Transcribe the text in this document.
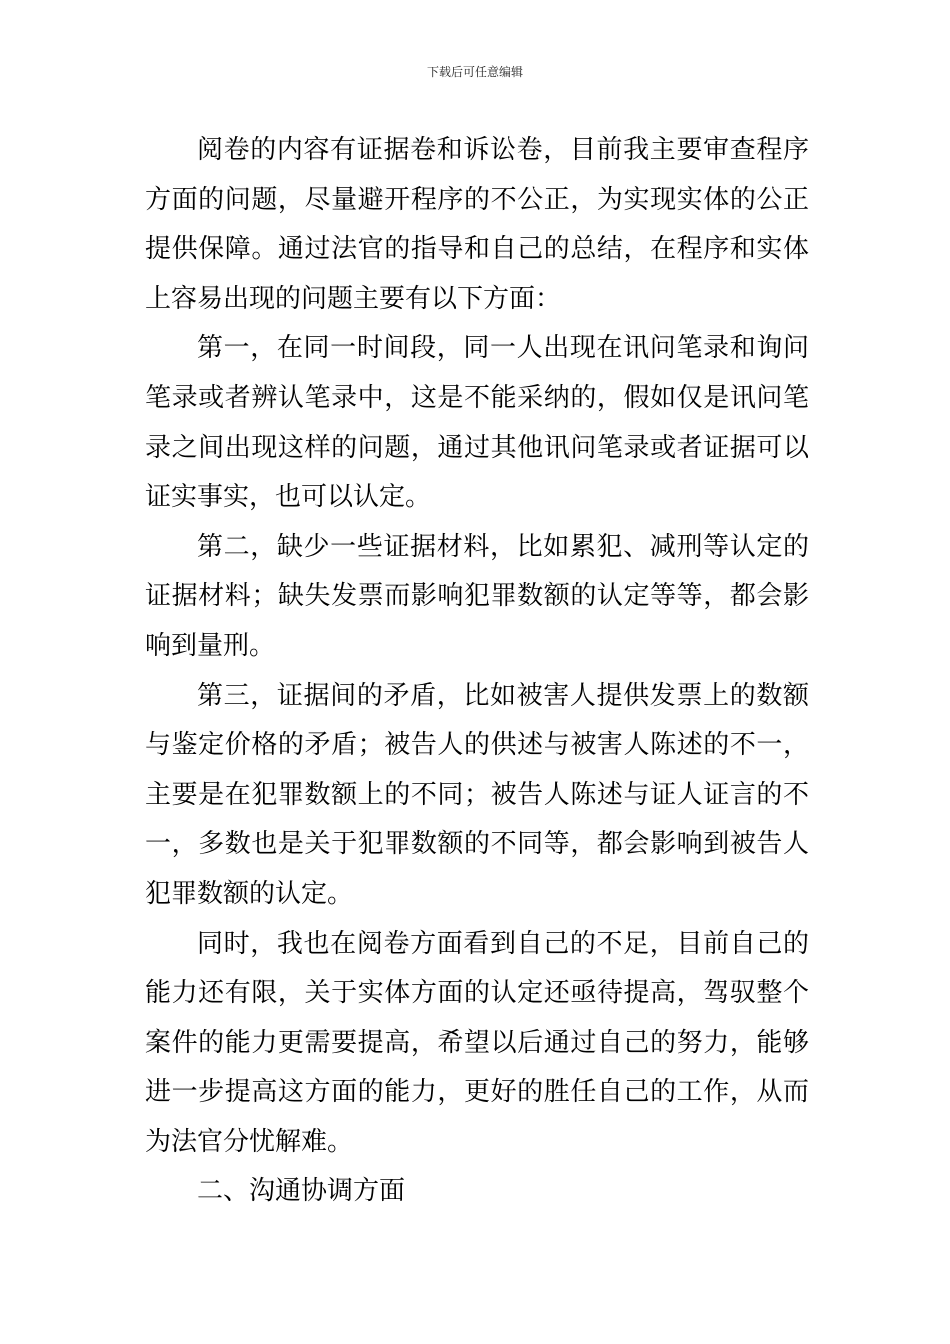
下载后可任意编辑

阅卷的内容有证据卷和诉讼卷，目前我主要审查程序
方面的问题，尽量避开程序的不公正，为实现实体的公正
提供保障。通过法官的指导和自己的总结，在程序和实体
上容易出现的问题主要有以下方面：

第一，在同一时间段，同一人出现在讯问笔录和询问
笔录或者辨认笔录中，这是不能采纳的，假如仅是讯问笔
录之间出现这样的问题，通过其他讯问笔录或者证据可以
证实事实，也可以认定。

第二，缺少一些证据材料，比如累犯、减刑等认定的
证据材料；缺失发票而影响犯罪数额的认定等等，都会影
响到量刑。

第三，证据间的矛盾，比如被害人提供发票上的数额
与鉴定价格的矛盾；被告人的供述与被害人陈述的不一，
主要是在犯罪数额上的不同；被告人陈述与证人证言的不
一，多数也是关于犯罪数额的不同等，都会影响到被告人
犯罪数额的认定。

同时，我也在阅卷方面看到自己的不足，目前自己的
能力还有限，关于实体方面的认定还亟待提高，驾驭整个
案件的能力更需要提高，希望以后通过自己的努力，能够
进一步提高这方面的能力，更好的胜任自己的工作，从而
为法官分忧解难。

二、沟通协调方面
